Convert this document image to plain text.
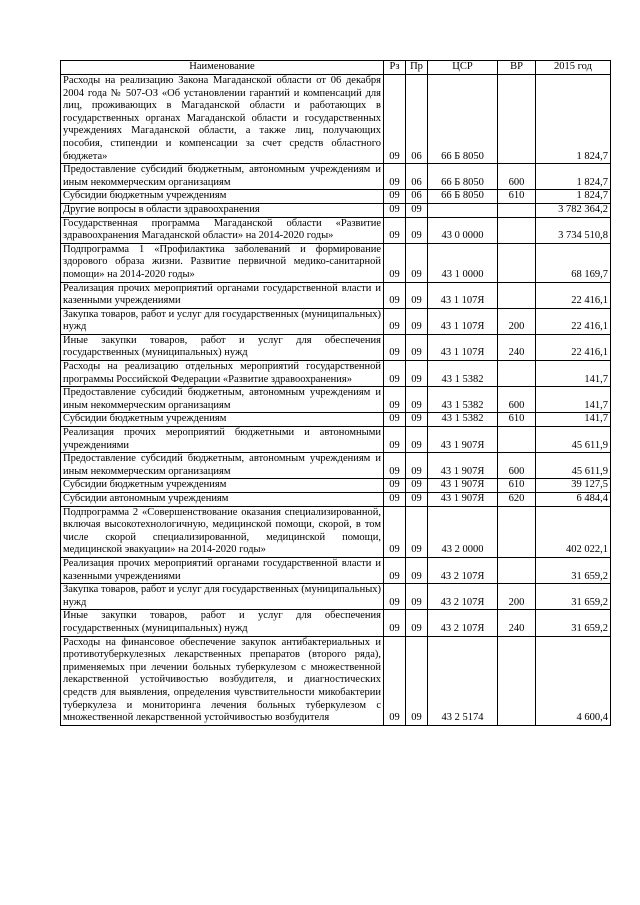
Наименование	Рз	Пр	ЦСР	ВР	2015 год
Расходы на реализацию Закона Магаданской области от 06 декабря 2004 года № 507-ОЗ «Об установлении гарантий и компенсаций для лиц, проживающих в Магаданской области и работающих в государственных органах Магаданской области и государственных учреждениях Магаданской области, а также лиц, получающих пособия, стипендии и компенсации за счет средств областного бюджета»	09	06	66 Б 8050		1 824,7
Предоставление субсидий бюджетным, автономным учреждениям и иным некоммерческим организациям	09	06	66 Б 8050	600	1 824,7
Субсидии бюджетным учреждениям	09	06	66 Б 8050	610	1 824,7
Другие вопросы в области здравоохранения	09	09			3 782 364,2
Государственная программа Магаданской области «Развитие здравоохранения Магаданской области» на 2014-2020 годы»	09	09	43 0 0000		3 734 510,8
Подпрограмма 1 «Профилактика заболеваний и формирование здорового образа жизни. Развитие первичной медико-санитарной помощи» на 2014-2020 годы»	09	09	43 1 0000		68 169,7
Реализация прочих мероприятий органами государственной власти и казенными учреждениями	09	09	43 1 107Я		22 416,1
Закупка товаров, работ и услуг для государственных (муниципальных) нужд	09	09	43 1 107Я	200	22 416,1
Иные закупки товаров, работ и услуг для обеспечения государственных (муниципальных) нужд	09	09	43 1 107Я	240	22 416,1
Расходы на реализацию отдельных мероприятий государственной программы Российской Федерации «Развитие здравоохранения»	09	09	43 1 5382		141,7
Предоставление субсидий бюджетным, автономным учреждениям и иным некоммерческим организациям	09	09	43 1 5382	600	141,7
Субсидии бюджетным учреждениям	09	09	43 1 5382	610	141,7
Реализация прочих мероприятий бюджетными и автономными учреждениями	09	09	43 1 907Я		45 611,9
Предоставление субсидий бюджетным, автономным учреждениям и иным некоммерческим организациям	09	09	43 1 907Я	600	45 611,9
Субсидии бюджетным учреждениям	09	09	43 1 907Я	610	39 127,5
Субсидии автономным учреждениям	09	09	43 1 907Я	620	6 484,4
Подпрограмма 2 «Совершенствование оказания специализированной, включая высокотехнологичную, медицинской помощи, скорой, в том числе скорой специализированной, медицинской помощи, медицинской эвакуации» на 2014-2020 годы»	09	09	43 2 0000		402 022,1
Реализация прочих мероприятий органами государственной власти и казенными учреждениями	09	09	43 2 107Я		31 659,2
Закупка товаров, работ и услуг для государственных (муниципальных) нужд	09	09	43 2 107Я	200	31 659,2
Иные закупки товаров, работ и услуг для обеспечения государственных (муниципальных) нужд	09	09	43 2 107Я	240	31 659,2
Расходы на финансовое обеспечение закупок антибактериальных и противотуберкулезных лекарственных препаратов (второго ряда), применяемых при лечении больных туберкулезом с множественной лекарственной устойчивостью возбудителя, и диагностических средств для выявления, определения чувствительности микобактерии туберкулеза и мониторинга лечения больных туберкулезом с множественной лекарственной устойчивостью возбудителя	09	09	43 2 5174		4 600,4
